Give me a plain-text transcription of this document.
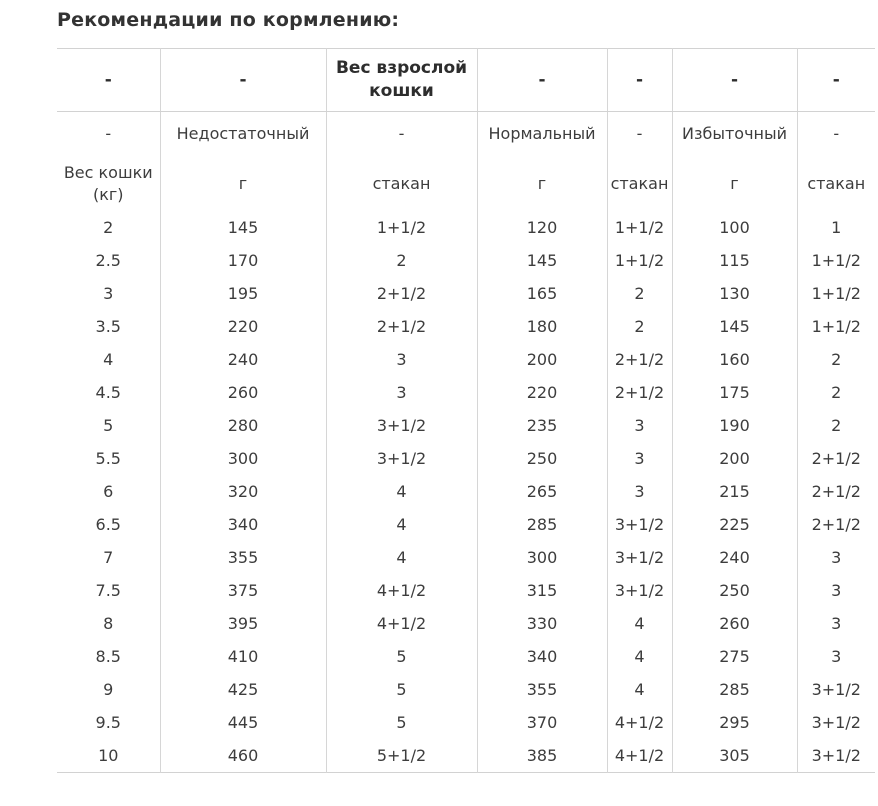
Рекомендации по кормлению:
-	-	Вес взрослой кошки	-	-	-	-
-	Недостаточный	-	Нормальный	-	Избыточный	-
Вес кошки (кг)	г	стакан	г	стакан	г	стакан
2	145	1+1/2	120	1+1/2	100	1
2.5	170	2	145	1+1/2	115	1+1/2
3	195	2+1/2	165	2	130	1+1/2
3.5	220	2+1/2	180	2	145	1+1/2
4	240	3	200	2+1/2	160	2
4.5	260	3	220	2+1/2	175	2
5	280	3+1/2	235	3	190	2
5.5	300	3+1/2	250	3	200	2+1/2
6	320	4	265	3	215	2+1/2
6.5	340	4	285	3+1/2	225	2+1/2
7	355	4	300	3+1/2	240	3
7.5	375	4+1/2	315	3+1/2	250	3
8	395	4+1/2	330	4	260	3
8.5	410	5	340	4	275	3
9	425	5	355	4	285	3+1/2
9.5	445	5	370	4+1/2	295	3+1/2
10	460	5+1/2	385	4+1/2	305	3+1/2
